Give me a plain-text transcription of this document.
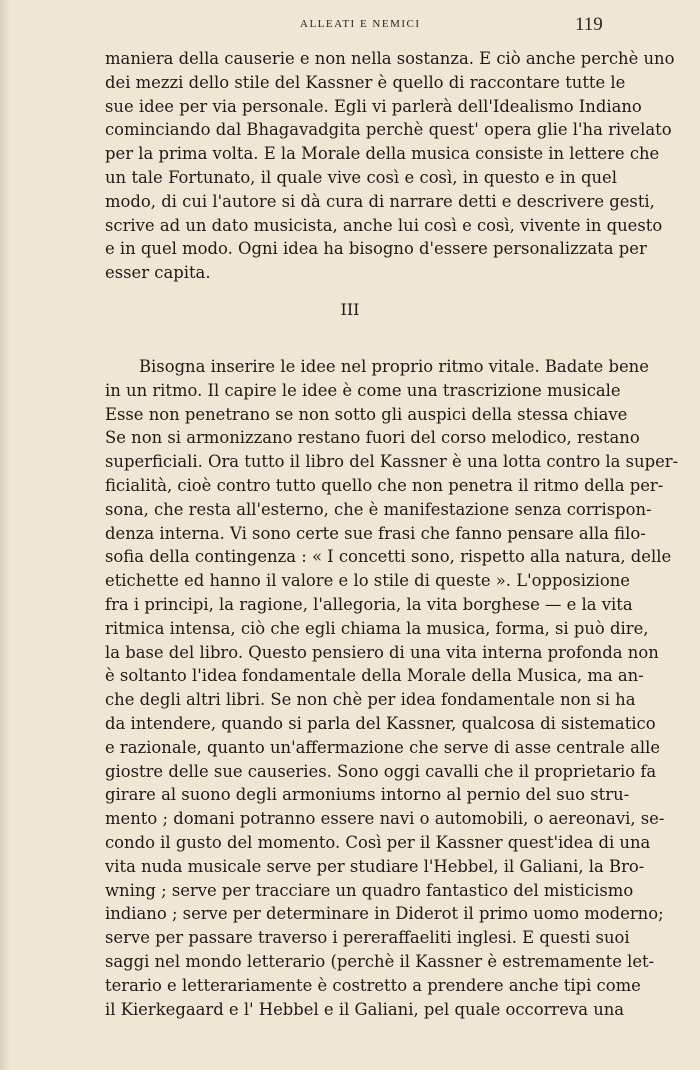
ALLEATI E NEMICI	119
maniera della causerie e non nella sostanza. E ciò anche perchè uno
dei mezzi dello stile del Kassner è quello di raccontare tutte le
sue idee per via personale. Egli vi parlerà dell'Idealismo Indiano
cominciando dal Bhagavadgita perchè quest' opera glie l'ha rivelato
per la prima volta. E la Morale della musica consiste in lettere che
un tale Fortunato, il quale vive così e così, in questo e in quel
modo, di cui l'autore si dà cura di narrare detti e descrivere gesti,
scrive ad un dato musicista, anche lui così e così, vivente in questo
e in quel modo. Ogni idea ha bisogno d'essere personalizzata per
esser capita.
III
Bisogna inserire le idee nel proprio ritmo vitale. Badate bene
in un ritmo. Il capire le idee è come una trascrizione musicale
Esse non penetrano se non sotto gli auspici della stessa chiave
Se non si armonizzano restano fuori del corso melodico, restano
superficiali. Ora tutto il libro del Kassner è una lotta contro la super-
ficialità, cioè contro tutto quello che non penetra il ritmo della per-
sona, che resta all'esterno, che è manifestazione senza corrispon-
denza interna. Vi sono certe sue frasi che fanno pensare alla filo-
sofia della contingenza : « I concetti sono, rispetto alla natura, delle
etichette ed hanno il valore e lo stile di queste ». L'opposizione
fra i principi, la ragione, l'allegoria, la vita borghese — e la vita
ritmica intensa, ciò che egli chiama la musica, forma, si può dire,
la base del libro. Questo pensiero di una vita interna profonda non
è soltanto l'idea fondamentale della Morale della Musica, ma an-
che degli altri libri. Se non chè per idea fondamentale non si ha
da intendere, quando si parla del Kassner, qualcosa di sistematico
e razionale, quanto un'affermazione che serve di asse centrale alle
giostre delle sue causeries. Sono oggi cavalli che il proprietario fa
girare al suono degli armoniums intorno al pernio del suo stru-
mento ; domani potranno essere navi o automobili, o aereonavi, se-
condo il gusto del momento. Così per il Kassner quest'idea di una
vita nuda musicale serve per studiare l'Hebbel, il Galiani, la Bro-
wning ; serve per tracciare un quadro fantastico del misticismo
indiano ; serve per determinare in Diderot il primo uomo moderno;
serve per passare traverso i pereraffaeliti inglesi. E questi suoi
saggi nel mondo letterario (perchè il Kassner è estremamente let-
terario e letterariamente è costretto a prendere anche tipi come
il Kierkegaard e l' Hebbel e il Galiani, pel quale occorreva una
